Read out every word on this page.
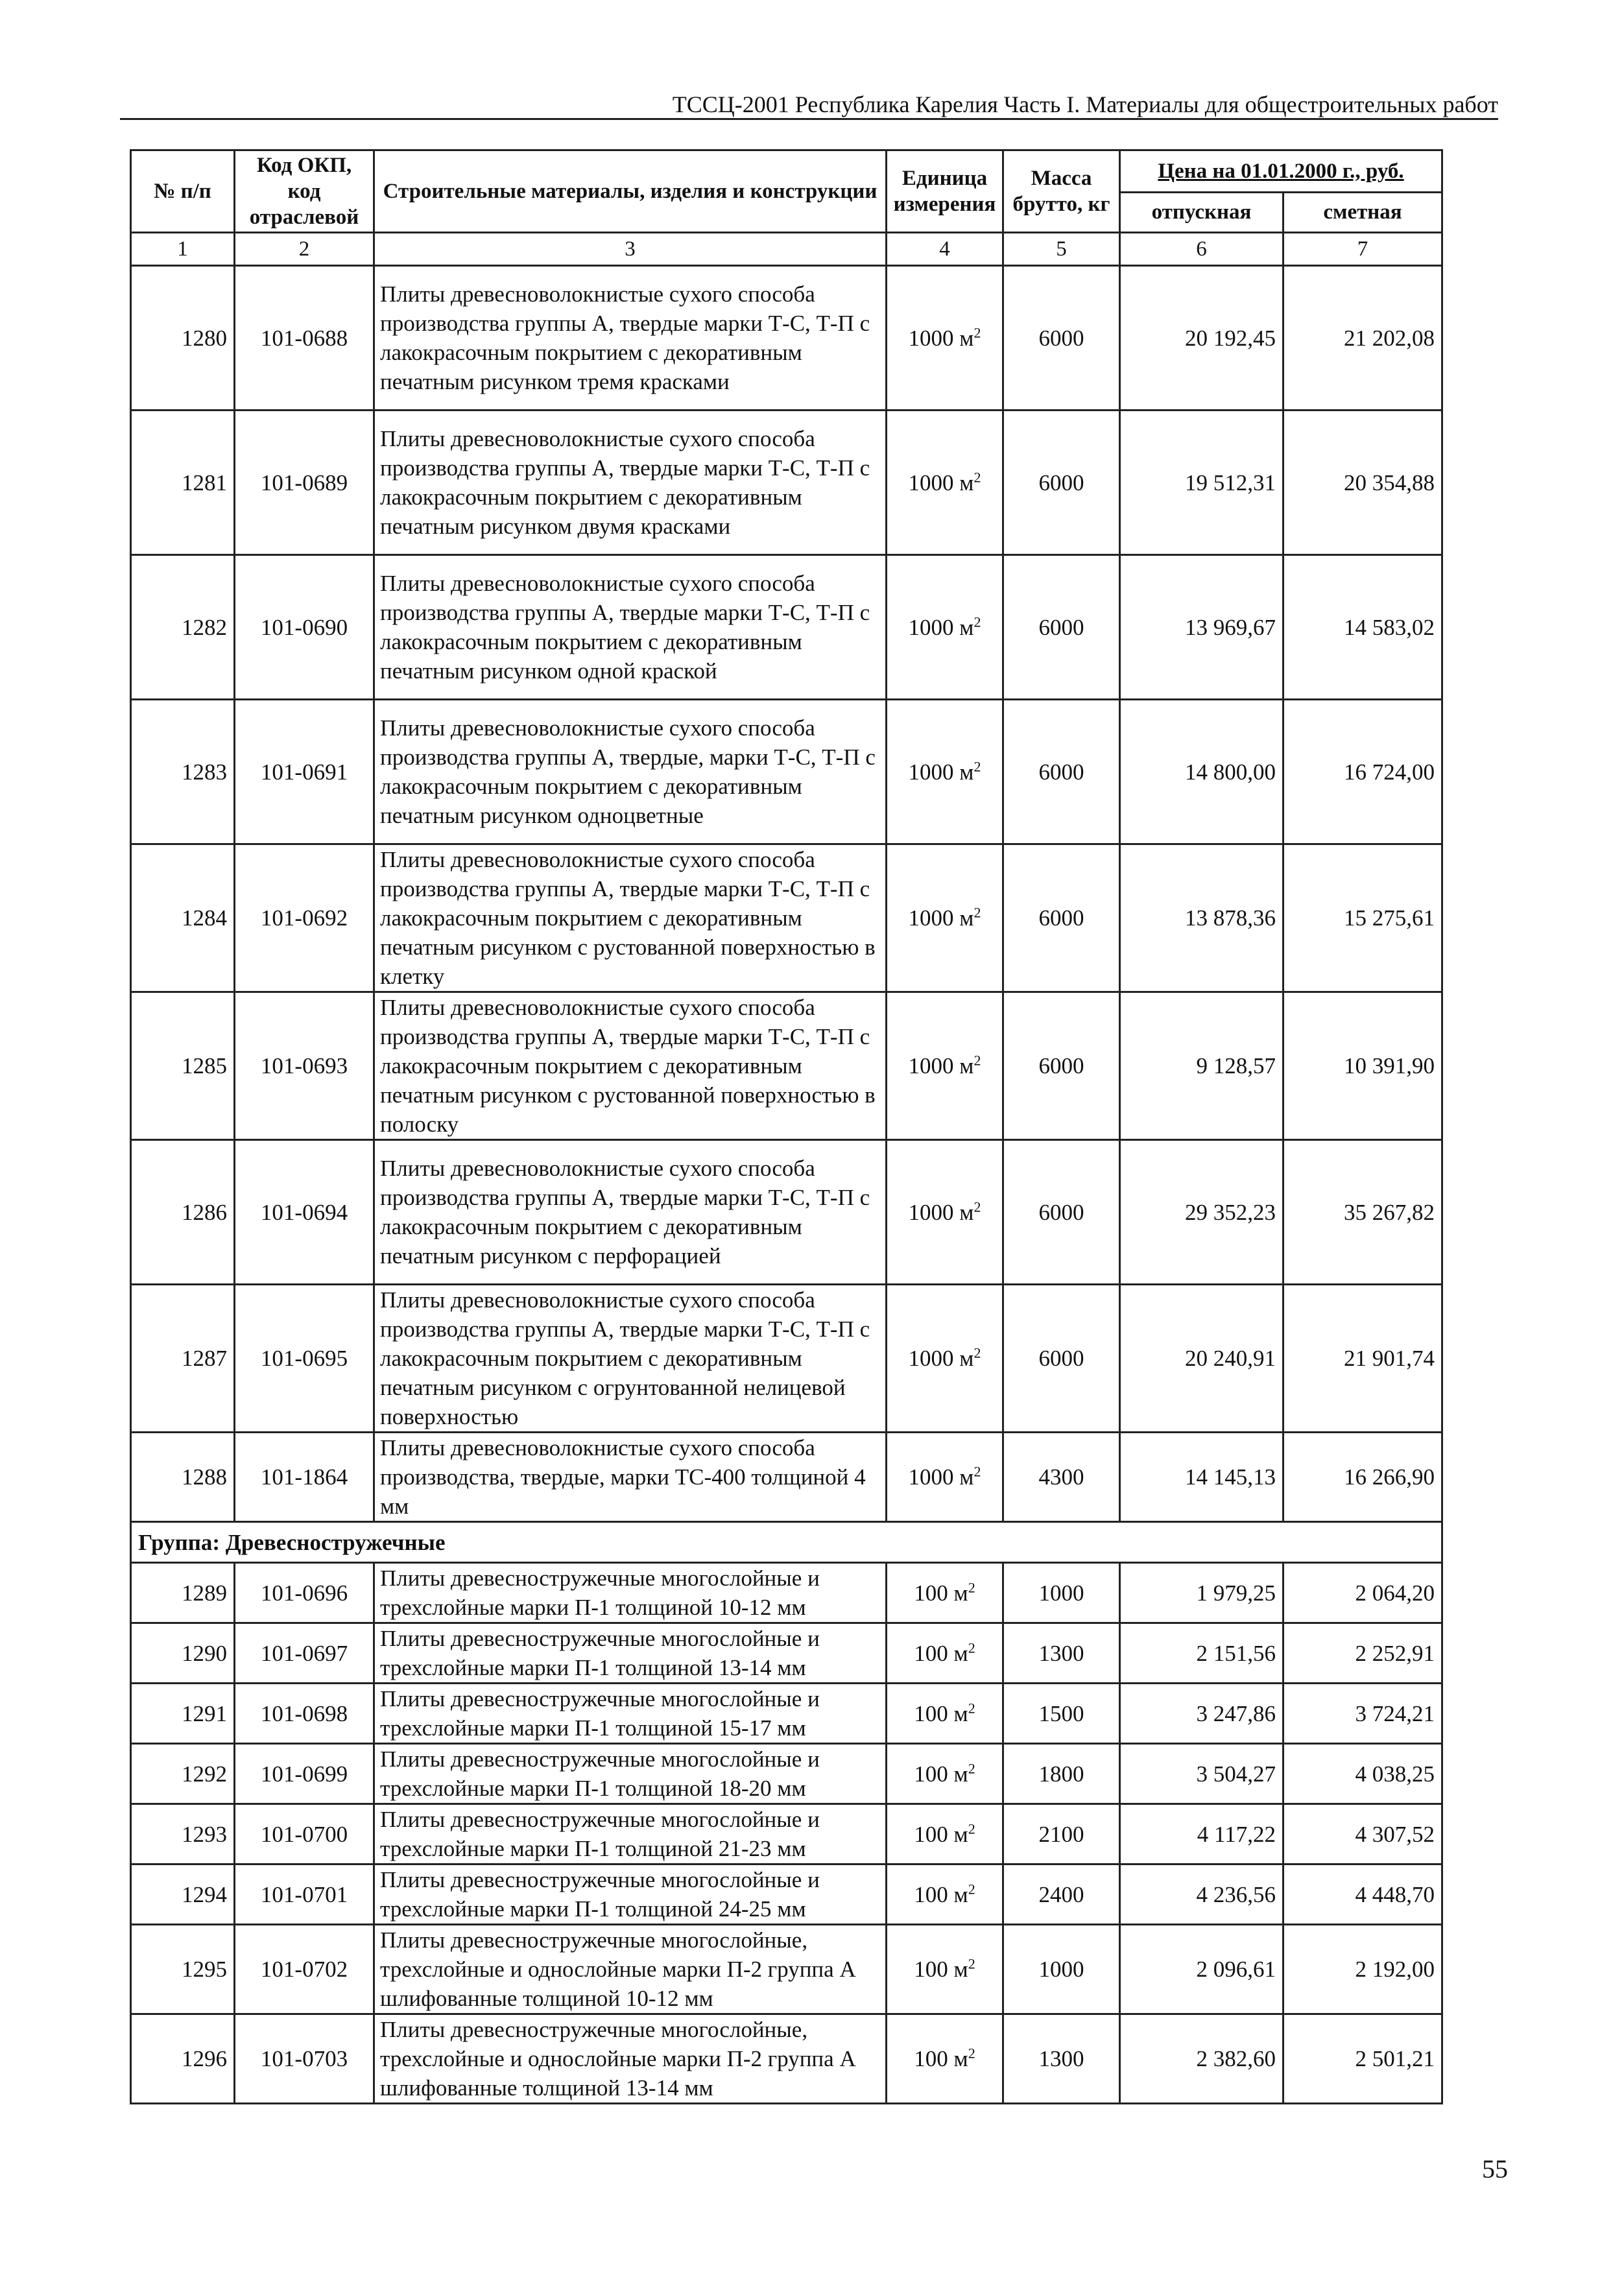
ТССЦ-2001 Республика Карелия Часть I. Материалы для общестроительных работ
№ п/п	Код ОКП, код отраслевой	Строительные материалы, изделия и конструкции	Единица измерения	Масса брутто, кг	Цена на 01.01.2000 г., руб.	
					отпускная	сметная
1	2	3	4	5	6	7
1280	101-0688	Плиты древесноволокнистые сухого способа производства группы А, твердые марки Т-С, Т-П с лакокрасочным покрытием с декоративным печатным рисунком тремя красками	1000 $м^2$	6000	20 192,45	21 202,08
1281	101-0689	Плиты древесноволокнистые сухого способа производства группы А, твердые марки Т-С, Т-П с лакокрасочным покрытием с декоративным печатным рисунком двумя красками	1000 $м^2$	6000	19 512,31	20 354,88
1282	101-0690	Плиты древесноволокнистые сухого способа производства группы А, твердые марки Т-С, Т-П с лакокрасочным покрытием с декоративным печатным рисунком одной краской	1000 $м^2$	6000	13 969,67	14 583,02
1283	101-0691	Плиты древесноволокнистые сухого способа производства группы А, твердые, марки Т-С, Т-П с лакокрасочным покрытием с декоративным печатным рисунком одноцветные	1000 $м^2$	6000	14 800,00	16 724,00
1284	101-0692	Плиты древесноволокнистые сухого способа производства группы А, твердые марки Т-С, Т-П с лакокрасочным покрытием с декоративным печатным рисунком с рустованной поверхностью в клетку	1000 $м^2$	6000	13 878,36	15 275,61
1285	101-0693	Плиты древесноволокнистые сухого способа производства группы А, твердые марки Т-С, Т-П с лакокрасочным покрытием с декоративным печатным рисунком с рустованной поверхностью в полоску	1000 $м^2$	6000	9 128,57	10 391,90
1286	101-0694	Плиты древесноволокнистые сухого способа производства группы А, твердые марки Т-С, Т-П с лакокрасочным покрытием с декоративным печатным рисунком с перфорацией	1000 $м^2$	6000	29 352,23	35 267,82
1287	101-0695	Плиты древесноволокнистые сухого способа производства группы А, твердые марки Т-С, Т-П с лакокрасочным покрытием с декоративным печатным рисунком с огрунтованной нелицевой поверхностью	1000 $м^2$	6000	20 240,91	21 901,74
1288	101-1864	Плиты древесноволокнистые сухого способа производства, твердые, марки ТС-400 толщиной 4 мм	1000 $м^2$	4300	14 145,13	16 266,90
Группа: Древесностружечные						
1289	101-0696	Плиты древесностружечные многослойные и трехслойные марки П-1 толщиной 10-12 мм	100 $м^2$	1000	1 979,25	2 064,20
1290	101-0697	Плиты древесностружечные многослойные и трехслойные марки П-1 толщиной 13-14 мм	100 $м^2$	1300	2 151,56	2 252,91
1291	101-0698	Плиты древесностружечные многослойные и трехслойные марки П-1 толщиной 15-17 мм	100 $м^2$	1500	3 247,86	3 724,21
1292	101-0699	Плиты древесностружечные многослойные и трехслойные марки П-1 толщиной 18-20 мм	100 $м^2$	1800	3 504,27	4 038,25
1293	101-0700	Плиты древесностружечные многослойные и трехслойные марки П-1 толщиной 21-23 мм	100 $м^2$	2100	4 117,22	4 307,52
1294	101-0701	Плиты древесностружечные многослойные и трехслойные марки П-1 толщиной 24-25 мм	100 $м^2$	2400	4 236,56	4 448,70
1295	101-0702	Плиты древесностружечные многослойные, трехслойные и однослойные марки П-2 группа А шлифованные толщиной 10-12 мм	100 $м^2$	1000	2 096,61	2 192,00
1296	101-0703	Плиты древесностружечные многослойные, трехслойные и однослойные марки П-2 группа А шлифованные толщиной 13-14 мм	100 $м^2$	1300	2 382,60	2 501,21
55
